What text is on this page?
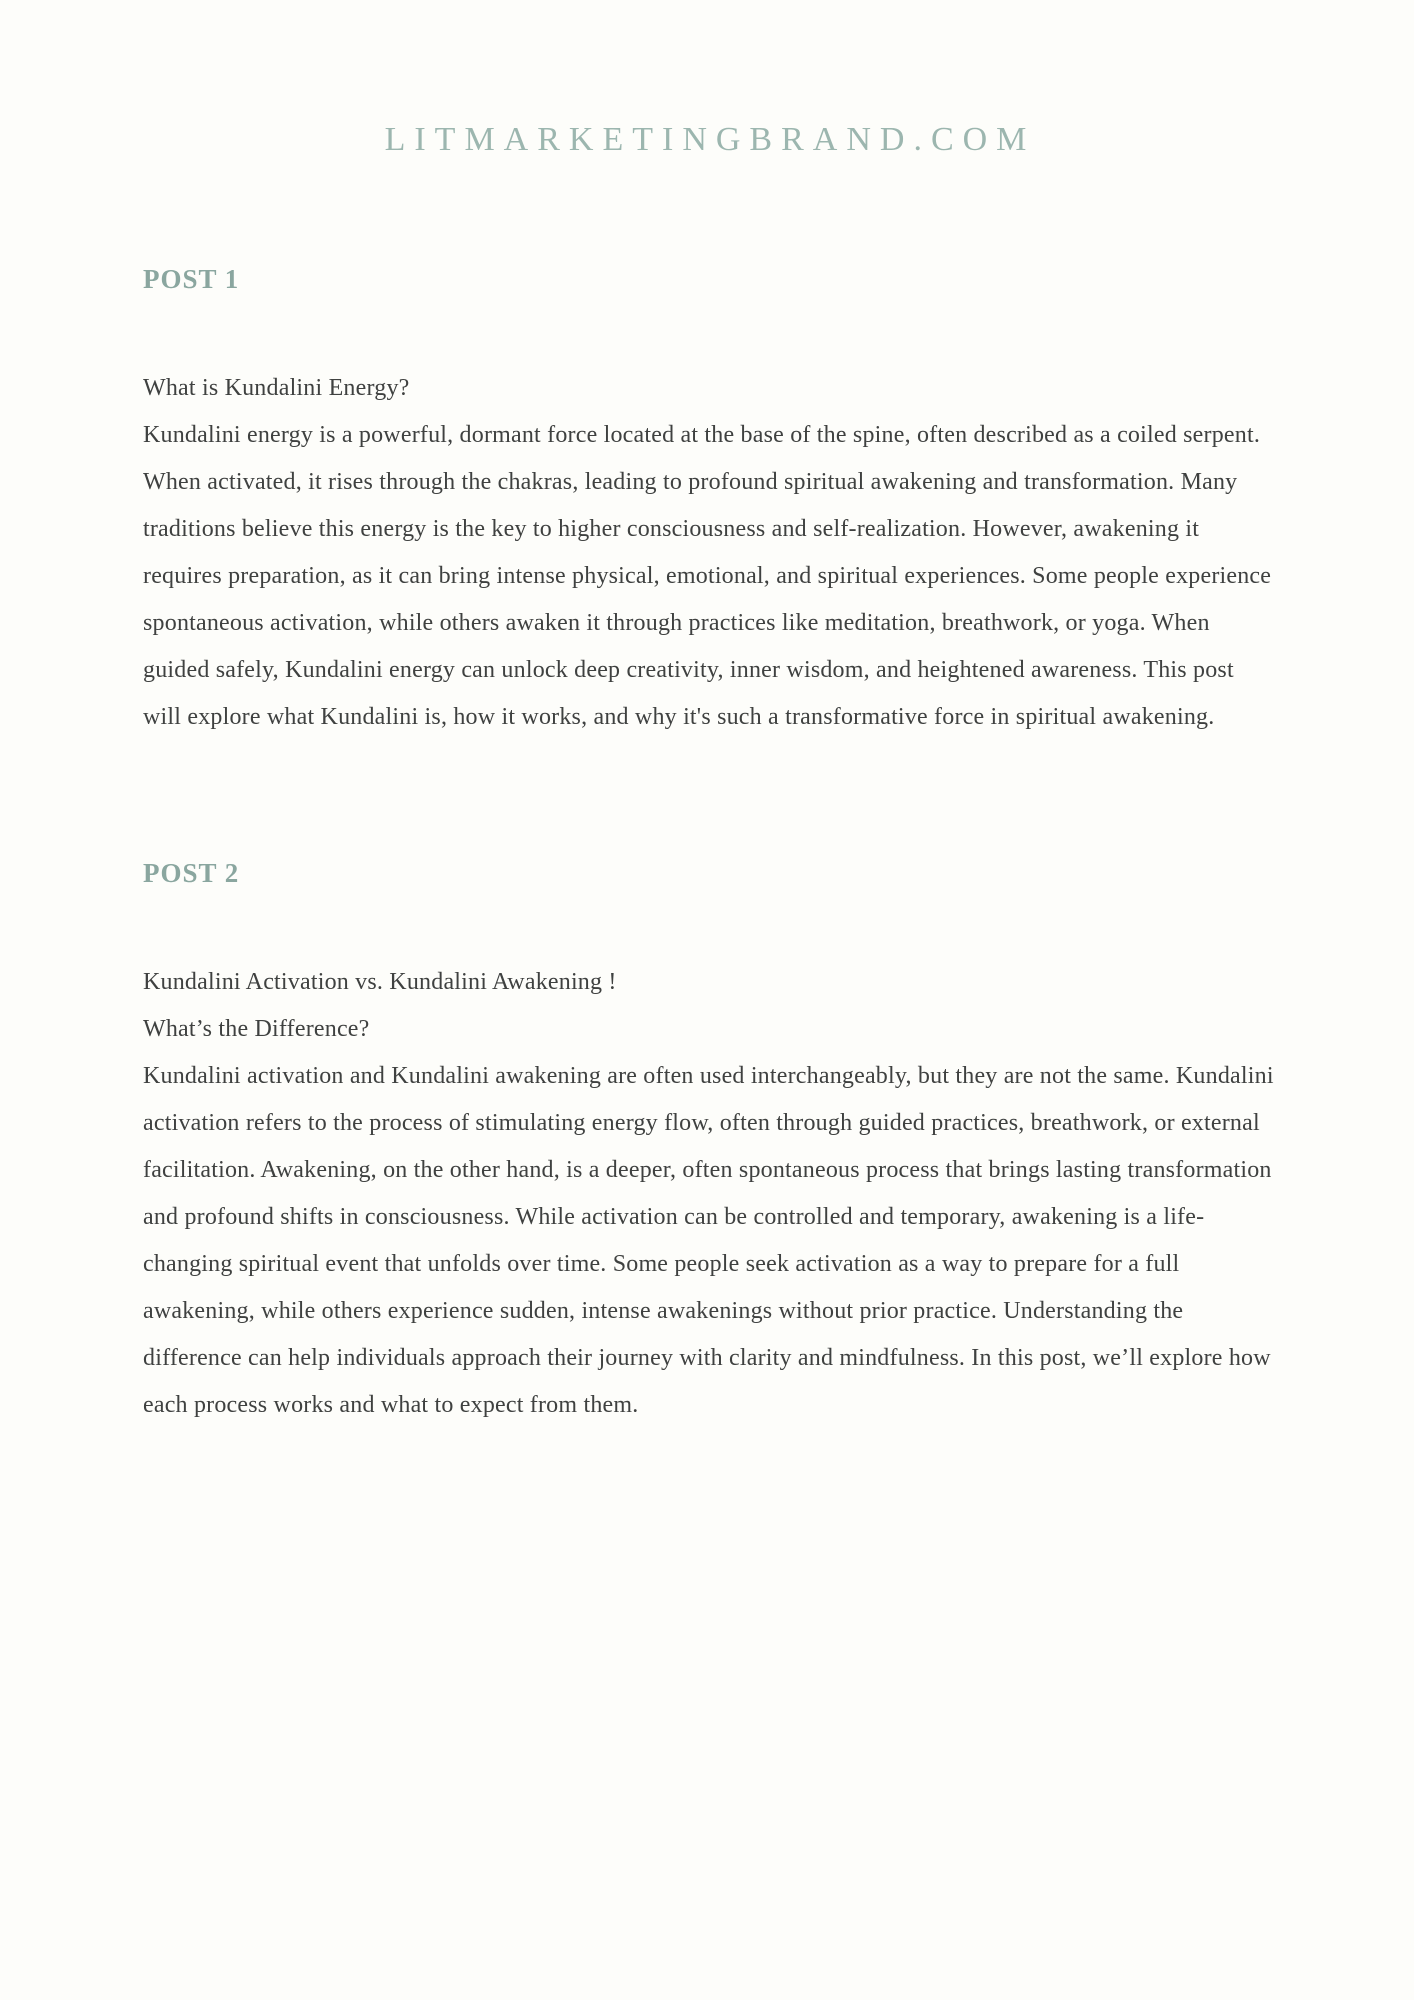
LITMARKETINGBRAND.COM
POST 1

What is Kundalini Energy?

Kundalini energy is a powerful, dormant force located at the base of the spine, often described as a coiled serpent. When activated, it rises through the chakras, leading to profound spiritual awakening and transformation. Many traditions believe this energy is the key to higher consciousness and self-realization. However, awakening it requires preparation, as it can bring intense physical, emotional, and spiritual experiences. Some people experience spontaneous activation, while others awaken it through practices like meditation, breathwork, or yoga. When guided safely, Kundalini energy can unlock deep creativity, inner wisdom, and heightened awareness. This post will explore what Kundalini is, how it works, and why it's such a transformative force in spiritual awakening.

POST 2

Kundalini Activation vs. Kundalini Awakening !

What’s the Difference?

Kundalini activation and Kundalini awakening are often used interchangeably, but they are not the same. Kundalini activation refers to the process of stimulating energy flow, often through guided practices, breathwork, or external facilitation. Awakening, on the other hand, is a deeper, often spontaneous process that brings lasting transformation and profound shifts in consciousness. While activation can be controlled and temporary, awakening is a life-changing spiritual event that unfolds over time. Some people seek activation as a way to prepare for a full awakening, while others experience sudden, intense awakenings without prior practice. Understanding the difference can help individuals approach their journey with clarity and mindfulness. In this post, we’ll explore how each process works and what to expect from them.
